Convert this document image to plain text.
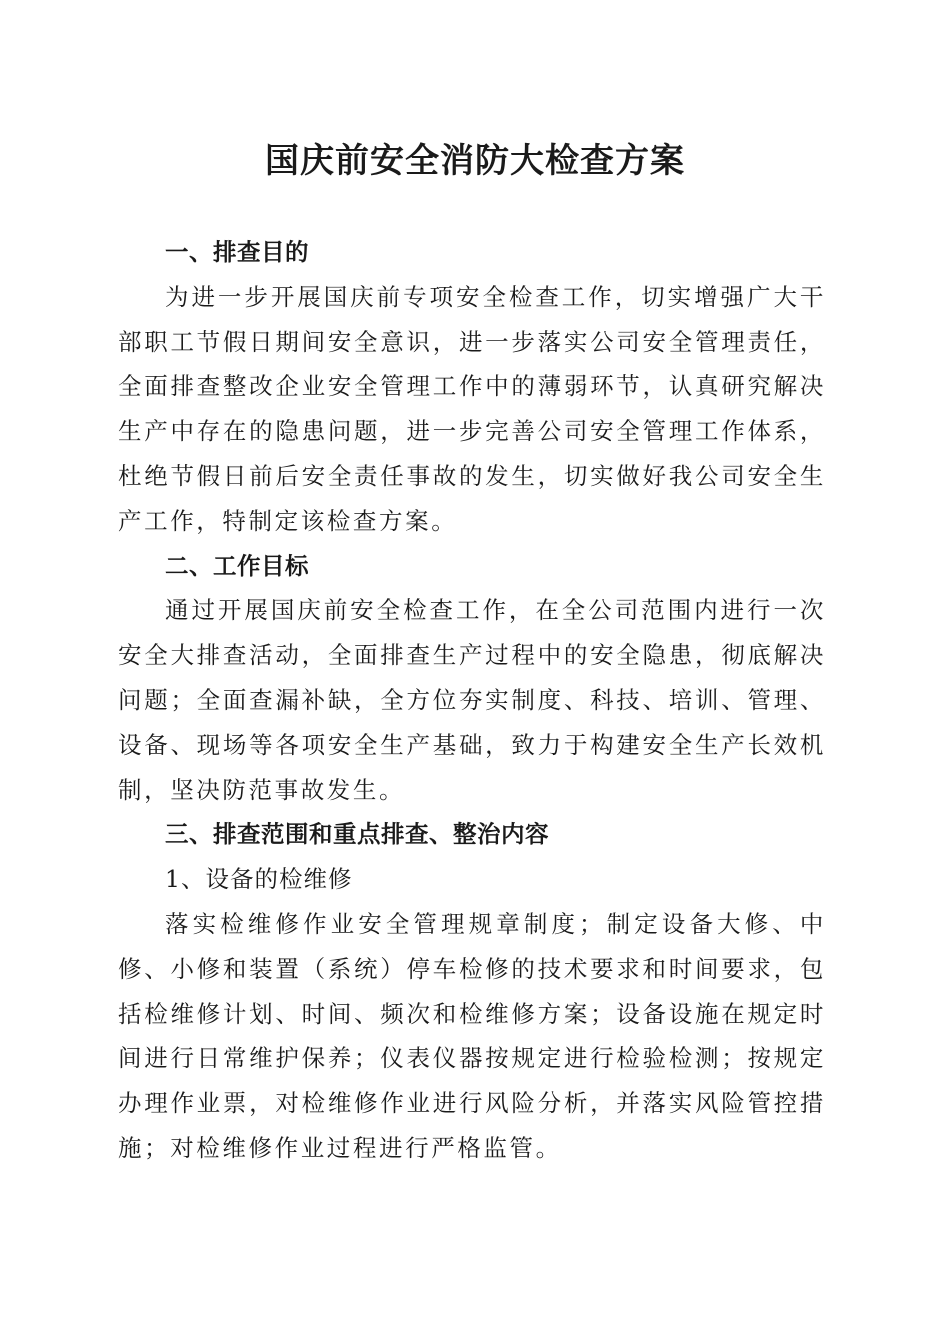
国庆前安全消防大检查方案
一、排查目的

为进一步开展国庆前专项安全检查工作，切实增强广大干部职工节假日期间安全意识，进一步落实公司安全管理责任，全面排查整改企业安全管理工作中的薄弱环节，认真研究解决生产中存在的隐患问题，进一步完善公司安全管理工作体系，杜绝节假日前后安全责任事故的发生，切实做好我公司安全生产工作，特制定该检查方案。

二、工作目标

通过开展国庆前安全检查工作，在全公司范围内进行一次安全大排查活动，全面排查生产过程中的安全隐患，彻底解决问题；全面查漏补缺，全方位夯实制度、科技、培训、管理、设备、现场等各项安全生产基础，致力于构建安全生产长效机制，坚决防范事故发生。

三、排查范围和重点排查、整治内容

1、设备的检维修

落实检维修作业安全管理规章制度；制定设备大修、中修、小修和装置（系统）停车检修的技术要求和时间要求，包括检维修计划、时间、频次和检维修方案；设备设施在规定时间进行日常维护保养；仪表仪器按规定进行检验检测；按规定办理作业票，对检维修作业进行风险分析，并落实风险管控措施；对检维修作业过程进行严格监管。
